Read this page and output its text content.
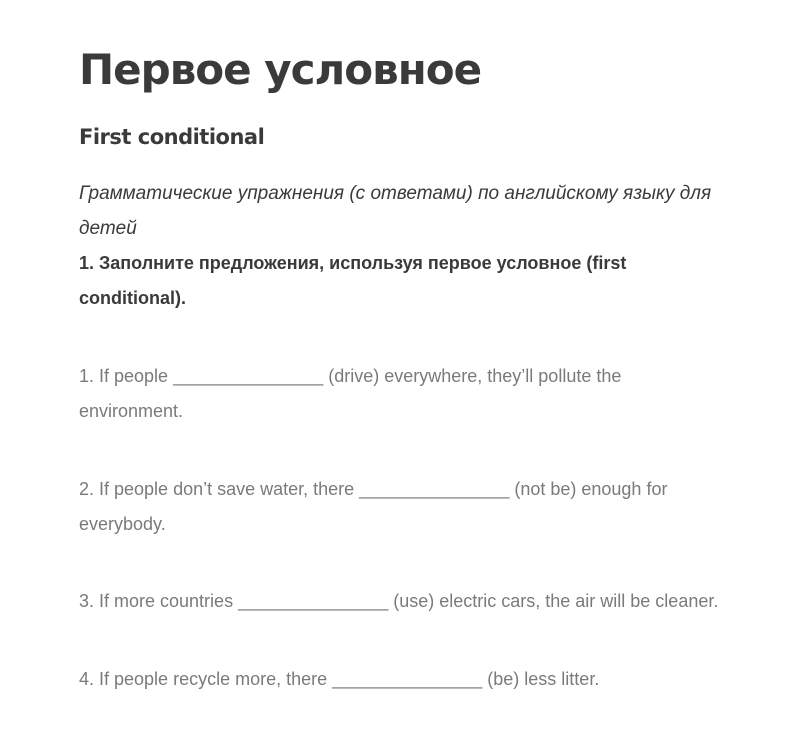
Первое условное
First conditional
Грамматические упражнения (с ответами) по английскому языку для детей
1. Заполните предложения, используя первое условное (first conditional).

1. If people _______________ (drive) everywhere, they’ll pollute the environment.

2. If people don’t save water, there _______________ (not be) enough for everybody.

3. If more countries _______________ (use) electric cars, the air will be cleaner.

4. If people recycle more, there _______________ (be) less litter.
